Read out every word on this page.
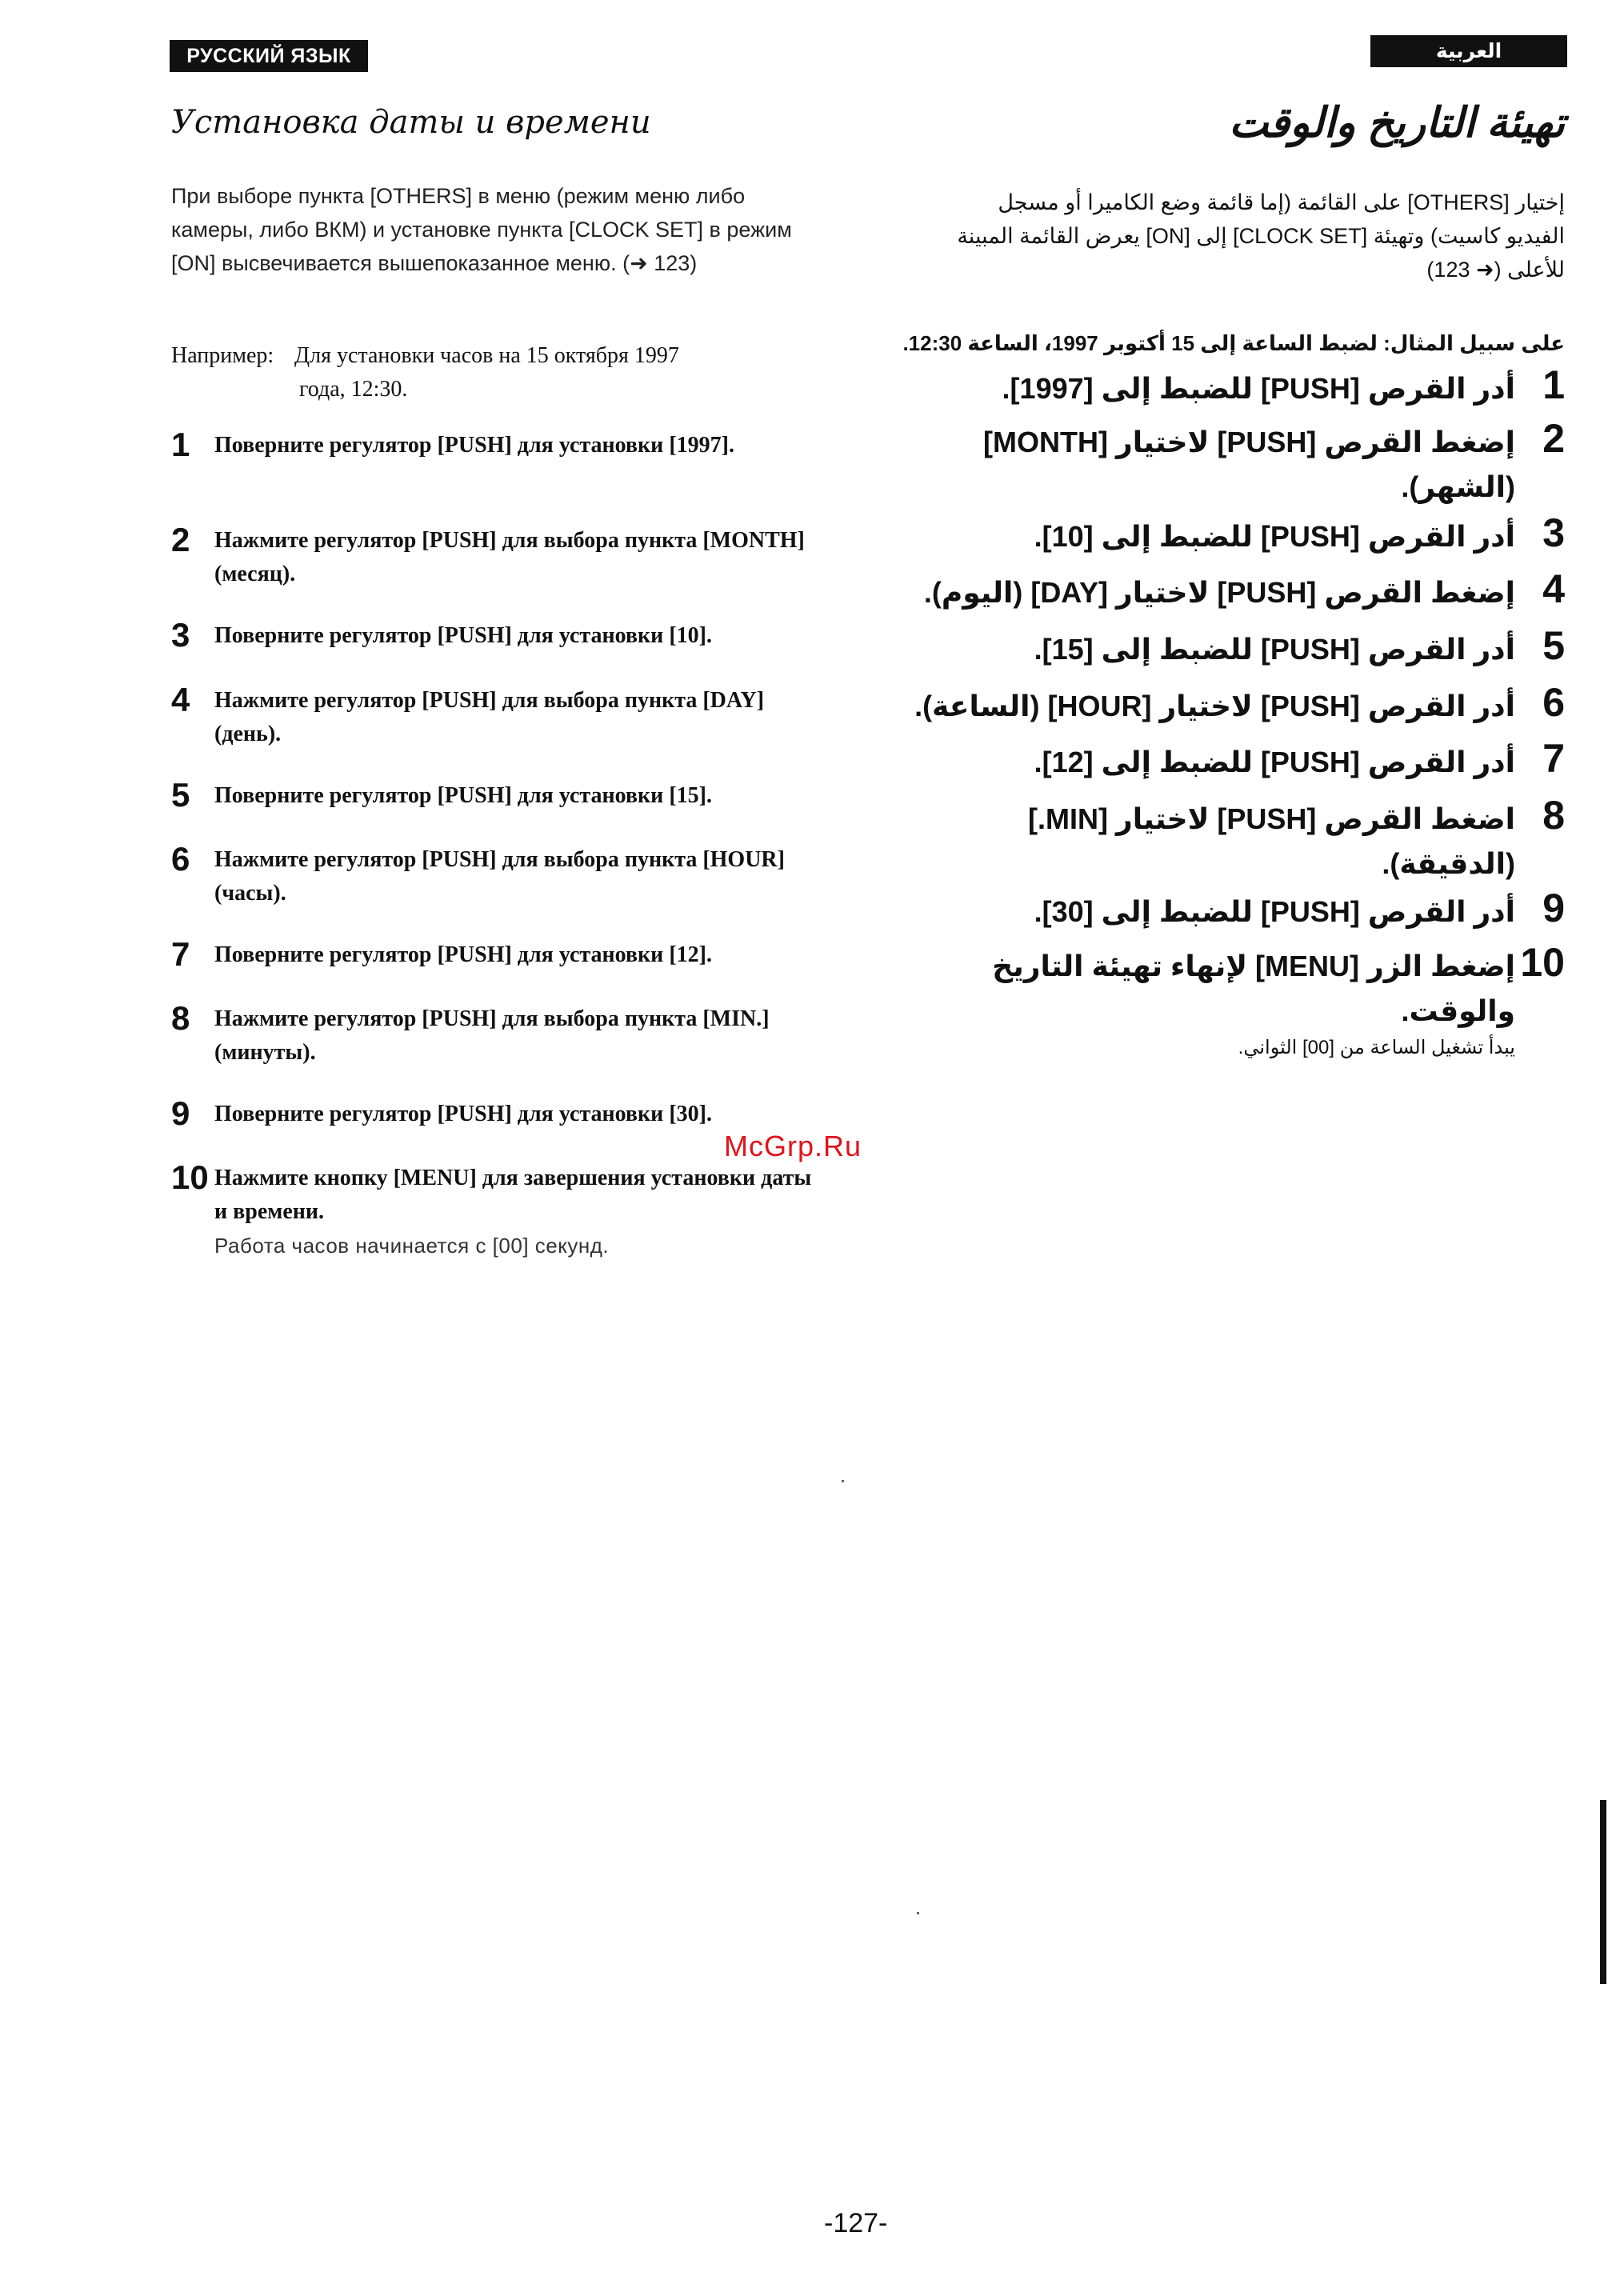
РУССКИЙ ЯЗЫК	العربية
Установка даты и времени	تهيئة التاريخ والوقت
При выборе пункта [OTHERS] в меню (режим меню либо камеры, либо ВКМ) и установке пункта [CLOCK SET] в режим [ON] высвечивается вышепоказанное меню. (➜ 123)
Например: Для установки часов на 15 октября 1997
года, 12:30.
1 Поверните регулятор [PUSH] для установки [1997].
2 Нажмите регулятор [PUSH] для выбора пункта [MONTH] (месяц).
3 Поверните регулятор [PUSH] для установки [10].
4 Нажмите регулятор [PUSH] для выбора пункта [DAY] (день).
5 Поверните регулятор [PUSH] для установки [15].
6 Нажмите регулятор [PUSH] для выбора пункта [HOUR] (часы).
7 Поверните регулятор [PUSH] для установки [12].
8 Нажмите регулятор [PUSH] для выбора пункта [MIN.] (минуты).
9 Поверните регулятор [PUSH] для установки [30].
10 Нажмите кнопку [MENU] для завершения установки даты и времени.
Работа часов начинается с [00] секунд.
إختيار [OTHERS] على القائمة (إما قائمة وضع الكاميرا أو مسجل الفيديو كاسيت) وتهيئة [CLOCK SET] إلى [ON] يعرض القائمة المبينة للأعلى (➜ 123)
على سبيل المثال: لضبط الساعة إلى 15 أكتوبر 1997، الساعة 12:30.
1
أدر القرص [PUSH] للضبط إلى [1997].
2
إضغط القرص [PUSH] لاختيار [MONTH] (الشهر).
3
أدر القرص [PUSH] للضبط إلى [10].
4
إضغط القرص [PUSH] لاختيار [DAY] (اليوم).
5
أدر القرص [PUSH] للضبط إلى [15].
6
أدر القرص [PUSH] لاختيار [HOUR] (الساعة).
7
أدر القرص [PUSH] للضبط إلى [12].
8
اضغط القرص [PUSH] لاختيار [MIN.] (الدقيقة).
9
أدر القرص [PUSH] للضبط إلى [30].
10
إضغط الزر [MENU] لإنهاء تهيئة التاريخ والوقت.
يبدأ تشغيل الساعة من [00] الثواني.
McGrp.Ru
-127-
